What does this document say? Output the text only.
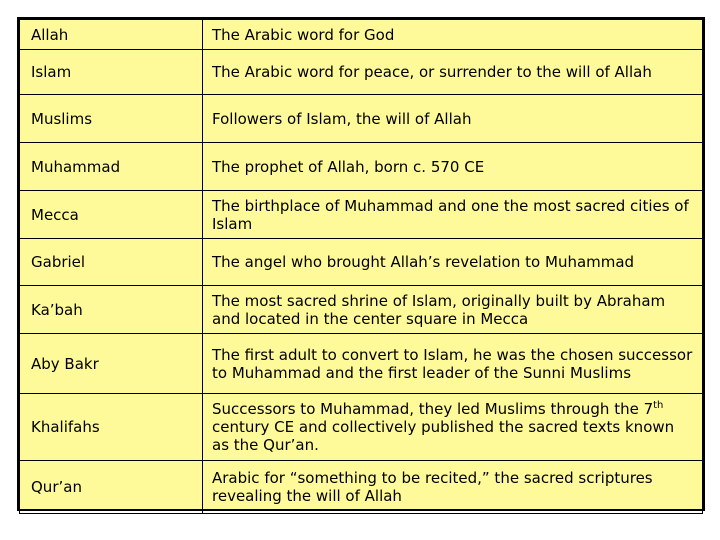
Allah	The Arabic word for God
Islam	The Arabic word for peace, or surrender to the will of Allah
Muslims	Followers of Islam, the will of Allah
Muhammad	The prophet of Allah, born c. 570 CE
Mecca	The birthplace of Muhammad and one the most sacred cities of Islam
Gabriel	The angel who brought Allah’s revelation to Muhammad
Ka’bah	The most sacred shrine of Islam, originally built by Abraham and located in the center square in Mecca
Aby Bakr	The first adult to convert to Islam, he was the chosen successor to Muhammad and the first leader of the Sunni Muslims
Khalifahs	Successors to Muhammad, they led Muslims through the 7th century CE and collectively published the sacred texts known as the Qur’an.
Qur’an	Arabic for “something to be recited,” the sacred scriptures revealing the will of Allah
